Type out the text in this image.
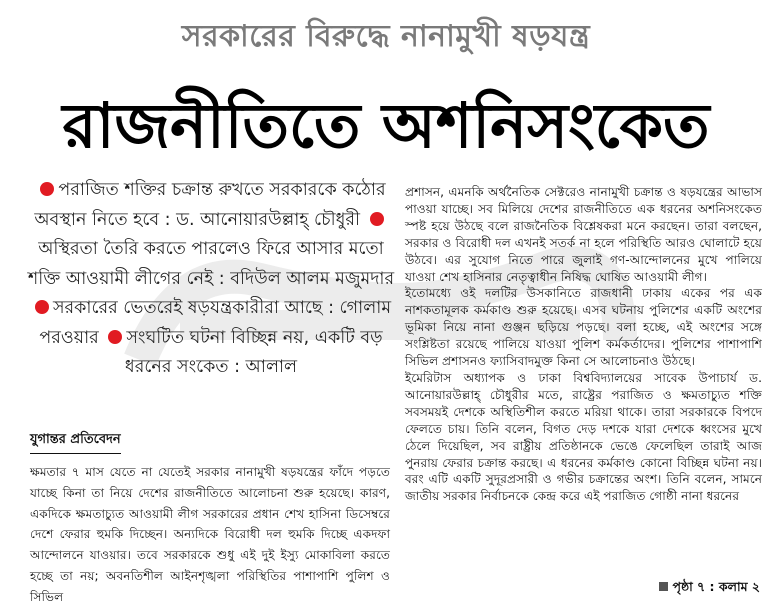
সরকারের বিরুদ্ধে নানামুখী ষড়যন্ত্র
রাজনীতিতে অশনিসংকেত
পরাজিত শক্তির চক্রান্ত রুখতে সরকারকে কঠোর অবস্থান নিতে হবে : ড. আনোয়ারউল্লাহ্ চৌধুরী অস্থিরতা তৈরি করতে পারলেও ফিরে আসার মতো শক্তি আওয়ামী লীগের নেই : বদিউল আলম মজুমদার সরকারের ভেতরেই ষড়যন্ত্রকারীরা আছে : গোলাম পরওয়ার সংঘটিত ঘটনা বিচ্ছিন্ন নয়, একটি বড় ধরনের সংকেত : আলাল
যুগান্তর প্রতিবেদন
ক্ষমতার ৭ মাস যেতে না যেতেই সরকার নানামুখী ষড়যন্ত্রের ফাঁদে পড়তে যাচ্ছে কিনা তা নিয়ে দেশের রাজনীতিতে আলোচনা শুরু হয়েছে। কারণ, একদিকে ক্ষমতাচ্যুত আওয়ামী লীগ সরকারের প্রধান শেখ হাসিনা ডিসেম্বরে দেশে ফেরার হুমকি দিচ্ছেন। অন্যদিকে বিরোধী দল হুমকি দিচ্ছে একদফা আন্দোলনে যাওয়ার। তবে সরকারকে শুধু এই দুই ইস্যু মোকাবিলা করতে হচ্ছে তা নয়; অবনতিশীল আইনশৃঙ্খলা পরিস্থিতির পাশাপাশি পুলিশ ও সিভিল

প্রশাসন, এমনকি অর্থনৈতিক সেক্টরেও নানামুখী চক্রান্ত ও ষড়যন্ত্রের আভাস পাওয়া যাচ্ছে। সব মিলিয়ে দেশের রাজনীতিতে এক ধরনের অশনিসংকেত স্পষ্ট হয়ে উঠছে বলে রাজনৈতিক বিশ্লেষকরা মনে করছেন। তারা বলছেন, সরকার ও বিরোধী দল এখনই সতর্ক না হলে পরিস্থিতি আরও ঘোলাটে হয়ে উঠবে। এর সুযোগ নিতে পারে জুলাই গণ-আন্দোলনের মুখে পালিয়ে যাওয়া শেখ হাসিনার নেতৃত্বাধীন নিষিদ্ধ ঘোষিত আওয়ামী লীগ।

ইতোমধ্যে ওই দলটির উসকানিতে রাজধানী ঢাকায় একের পর এক নাশকতামূলক কর্মকাণ্ড শুরু হয়েছে। এসব ঘটনায় পুলিশের একটি অংশের ভূমিকা নিয়ে নানা গুঞ্জন ছড়িয়ে পড়ছে। বলা হচ্ছে, এই অংশের সঙ্গে সংশ্লিষ্টতা রয়েছে পালিয়ে যাওয়া পুলিশ কর্মকর্তাদের। পুলিশের পাশাপাশি সিভিল প্রশাসনও ফ্যাসিবাদমুক্ত কিনা সে আলোচনাও উঠছে।

ইমেরিটাস অধ্যাপক ও ঢাকা বিশ্ববিদ্যালয়ের সাবেক উপাচার্য ড. আনোয়ারউল্লাহ্ চৌধুরীর মতে, রাষ্ট্রের পরাজিত ও ক্ষমতাচ্যুত শক্তি সবসময়ই দেশকে অস্থিতিশীল করতে মরিয়া থাকে। তারা সরকারকে বিপদে ফেলতে চায়। তিনি বলেন, বিগত দেড় দশকে যারা দেশকে ধ্বংসের মুখে ঠেলে দিয়েছিল, সব রাষ্ট্রীয় প্রতিষ্ঠানকে ভেঙে ফেলেছিল তারাই আজ পুনরায় ফেরার চক্রান্ত করছে। এ ধরনের কর্মকাণ্ড কোনো বিচ্ছিন্ন ঘটনা নয়। বরং এটি একটি সুদূরপ্রসারী ও গভীর চক্রান্তের অংশ। তিনি বলেন, সামনে জাতীয় সরকার নির্বাচনকে কেন্দ্র করে এই পরাজিত গোষ্ঠী নানা ধরনের

পৃষ্ঠা ৭ : কলাম ২
